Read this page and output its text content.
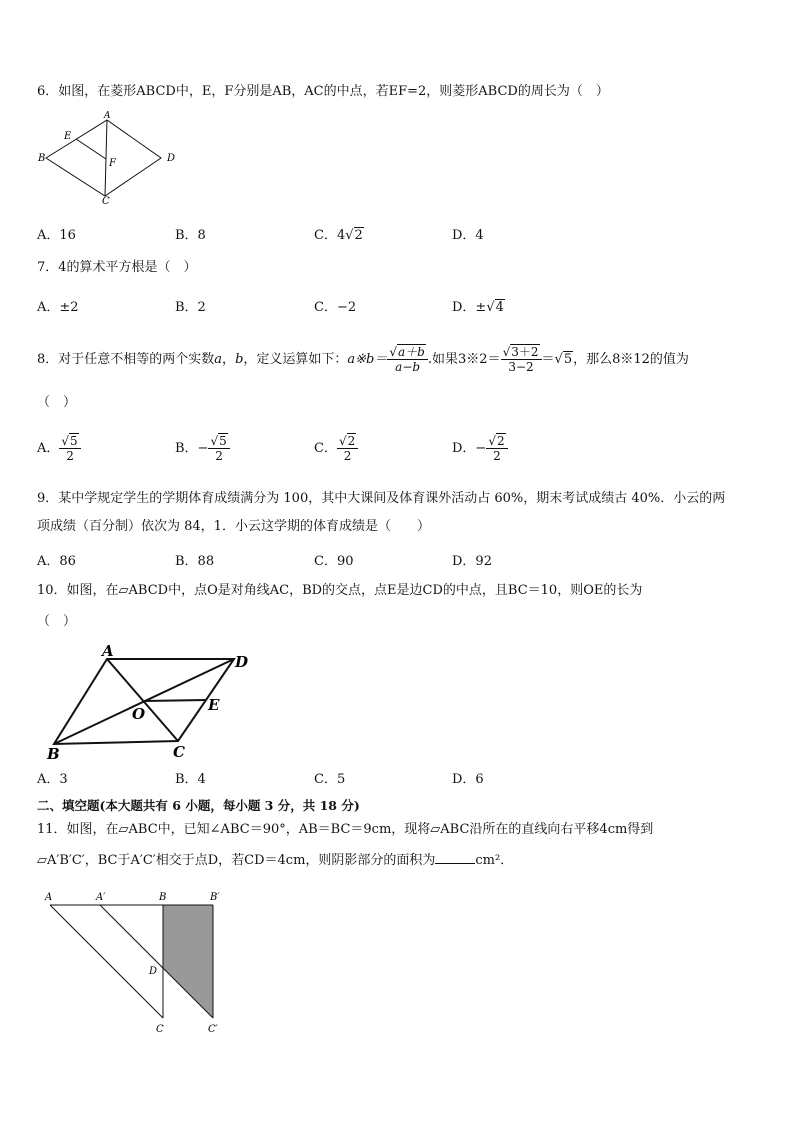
6．如图，在菱形ABCD中，E，F分别是AB，AC的中点，若EF=2，则菱形ABCD的周长为（　）
A
E
B	F	D
C
A．16	B．8	C．4√2	D．4
7．4的算术平方根是（　）
A．±2	B．2	C．−2	D．±√4
8．对于任意不相等的两个实数a，b，定义运算如下：a※b＝ $\frac{√a+b}{a-b}$ .如果3※2＝ $\frac{√3+2}{3-2} =√5$，那么8※12的值为
（　）
A． $\frac{√5}{2}$	B．− $\frac{√5}{2}$	C． $\frac{√2}{2}$	D．− $\frac{√2}{2}$
9．某中学规定学生的学期体育成绩满分为 100，其中大课间及体育课外活动占 60%，期末考试成绩古 40%．小云的两
项成绩（百分制）依次为 84，1．小云这学期的体育成绩是（　　）
A．86	B．88	C．90	D．92
10．如图，在▱ABCD中，点O是对角线AC，BD的交点，点E是边CD的中点，且BC＝10，则OE的长为
（　）
A
D
O	E
B	C
A．3	B．4	C．5	D．6
二、填空题(本大题共有 6 小题，每小题 3 分，共 18 分)
11．如图，在▱ABC中，已知∠ABC＝90°，AB＝BC＝9cm，现将▱ABC沿所在的直线向右平移4cm得到
▱A′B′C′，BC于A′C′相交于点D，若CD＝4cm，则阴影部分的面积为	cm²．
A	A′	B	B′
D
C	C′
